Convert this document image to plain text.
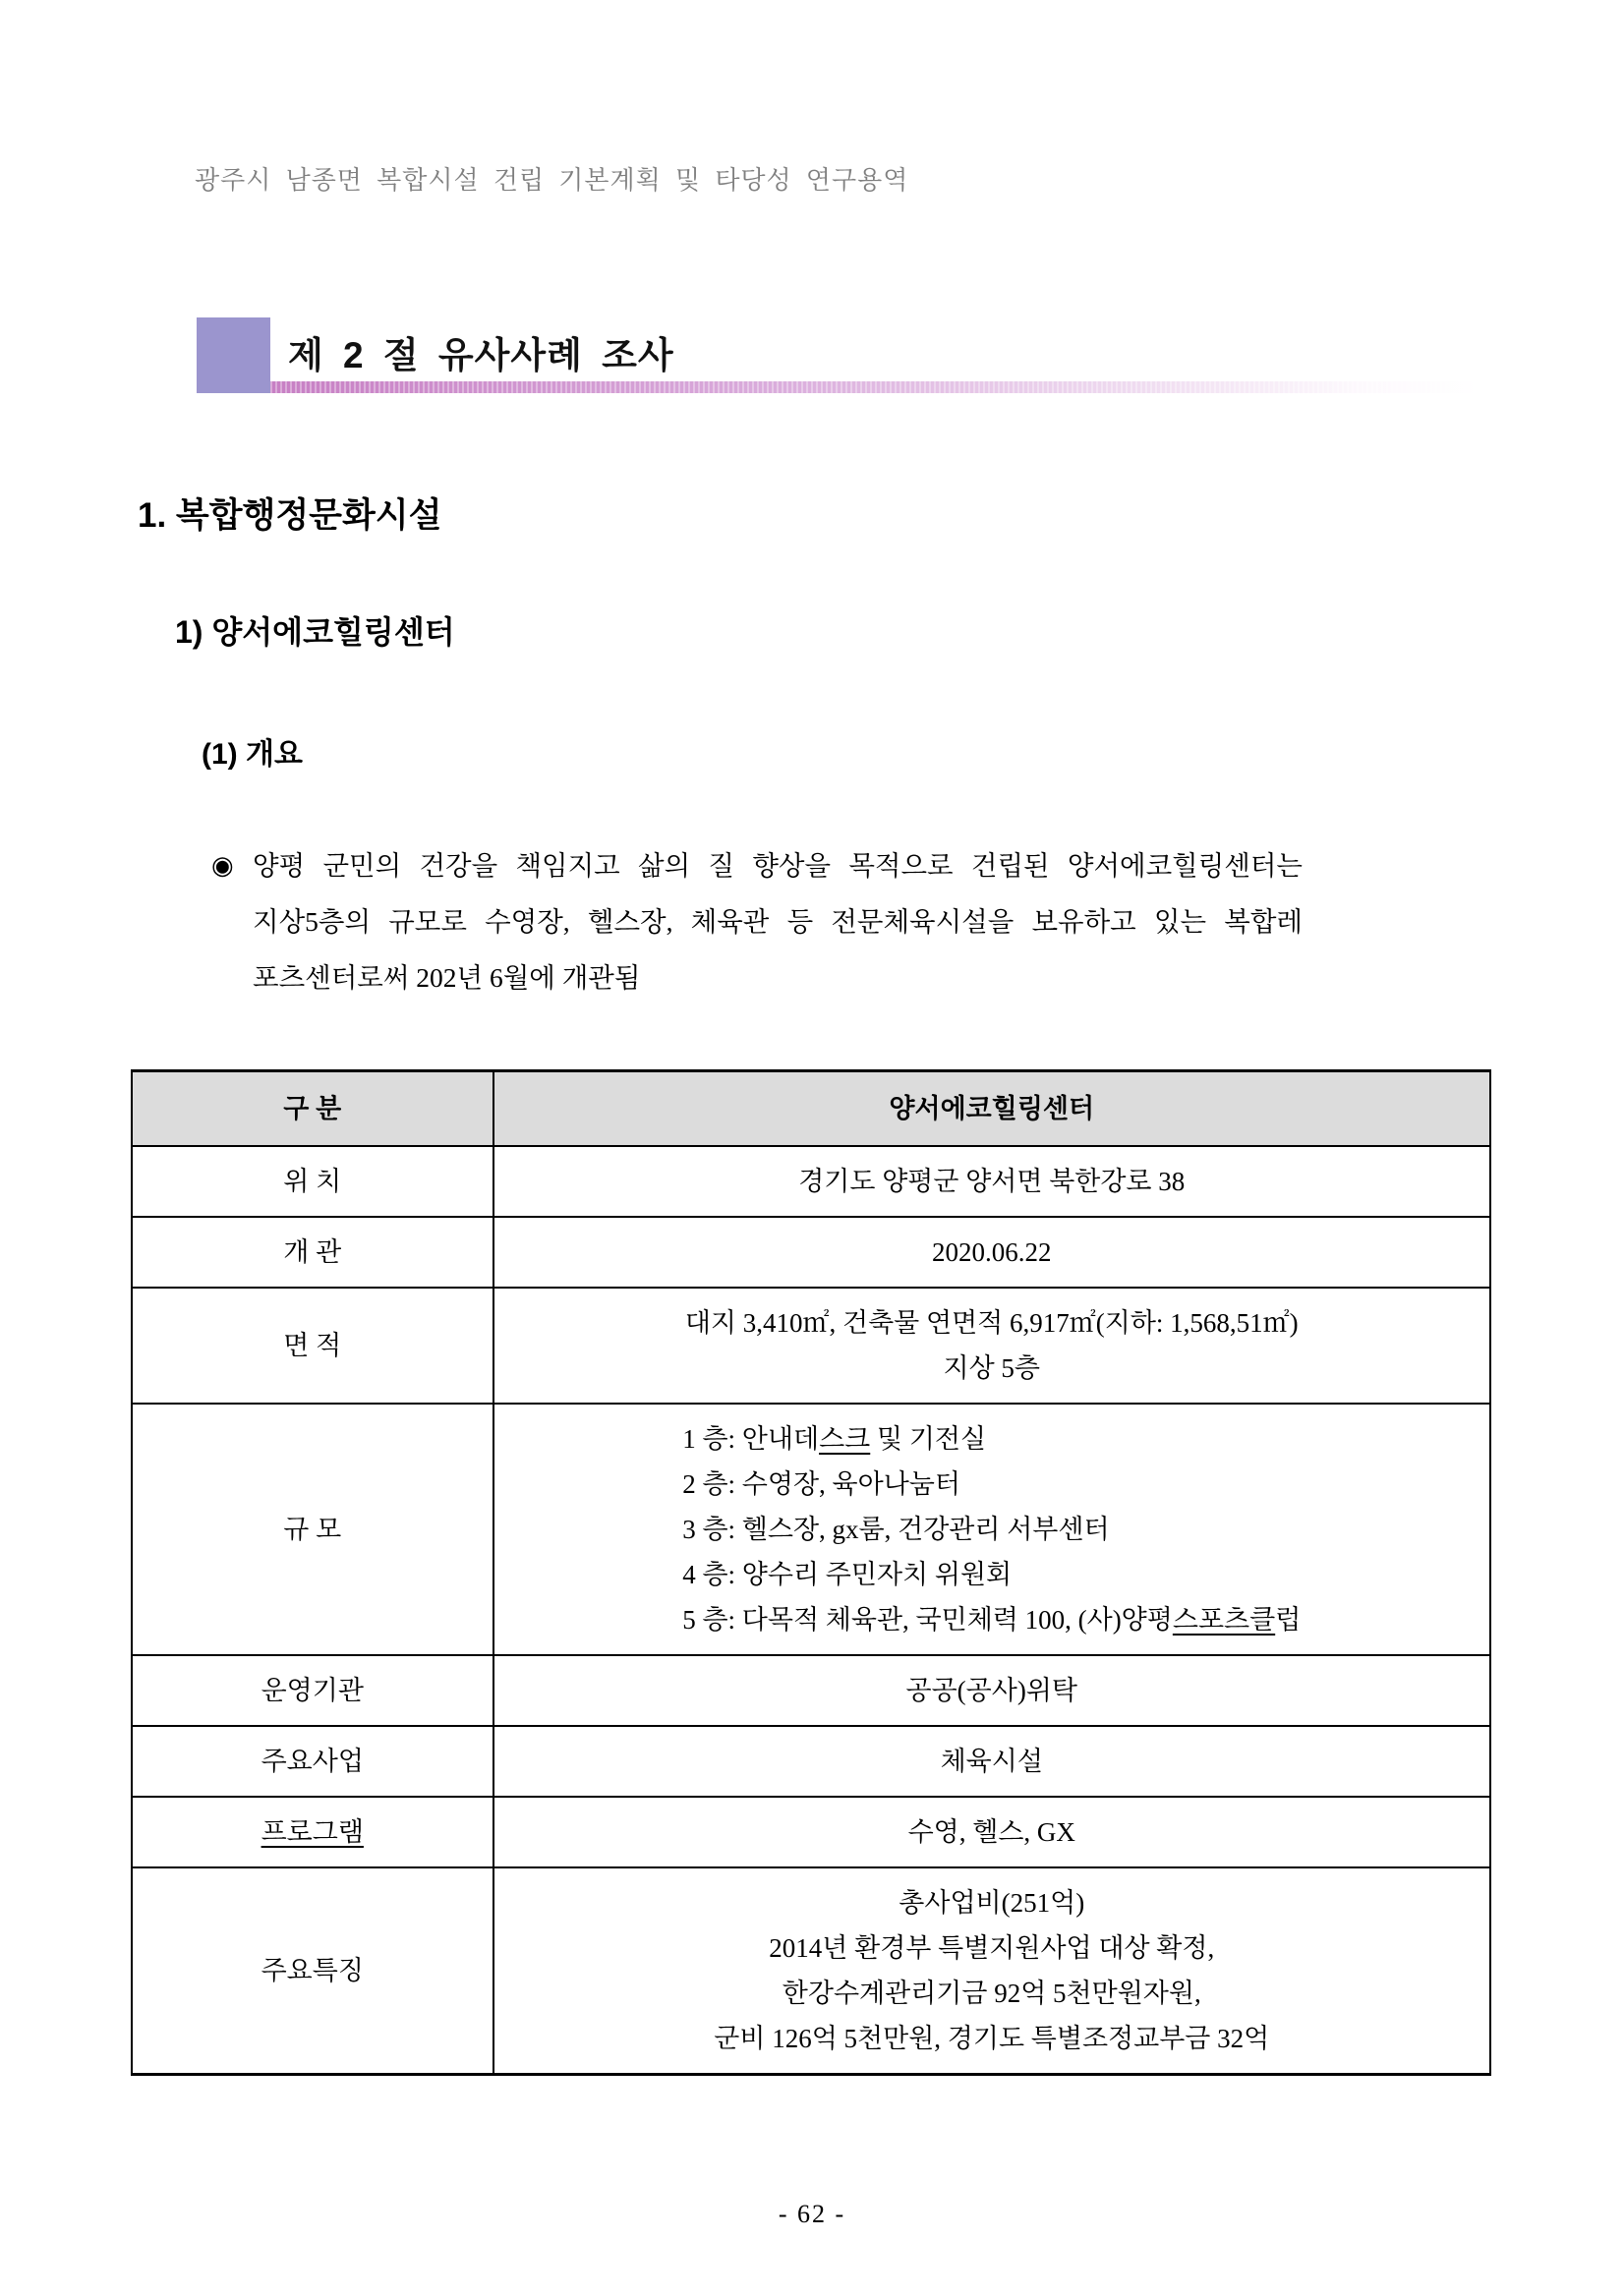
광주시 남종면 복합시설 건립 기본계획 및 타당성 연구용역
제 2 절 유사사례 조사
1. 복합행정문화시설
1) 양서에코힐링센터
(1) 개요
◉ 양평 군민의 건강을 책임지고 삶의 질 향상을 목적으로 건립된 양서에코힐링센터는
지상5층의 규모로 수영장, 헬스장, 체육관 등 전문체육시설을 보유하고 있는 복합레
포츠센터로써 202년 6월에 개관됨
구 분	양서에코힐링센터
위 치	경기도 양평군 양서면 북한강로 38

개 관	2020.06.22

면 적	대지 3,410㎡, 건축물 연면적 6,917㎡(지하: 1,568,51㎡)
지상 5층

규 모	1 층: 안내데스크 및 기전실
2 층: 수영장, 육아나눔터
3 층: 헬스장, gx룸, 건강관리 서부센터
4 층: 양수리 주민자치 위원회
5 층: 다목적 체육관, 국민체력 100, (사)양평스포츠클럽

운영기관	공공(공사)위탁

주요사업	체육시설

프로그램	수영, 헬스, GX

주요특징	총사업비(251억)
2014년 환경부 특별지원사업 대상 확정,
한강수계관리기금 92억 5천만원자원,
군비 126억 5천만원, 경기도 특별조정교부금 32억
- 62 -
